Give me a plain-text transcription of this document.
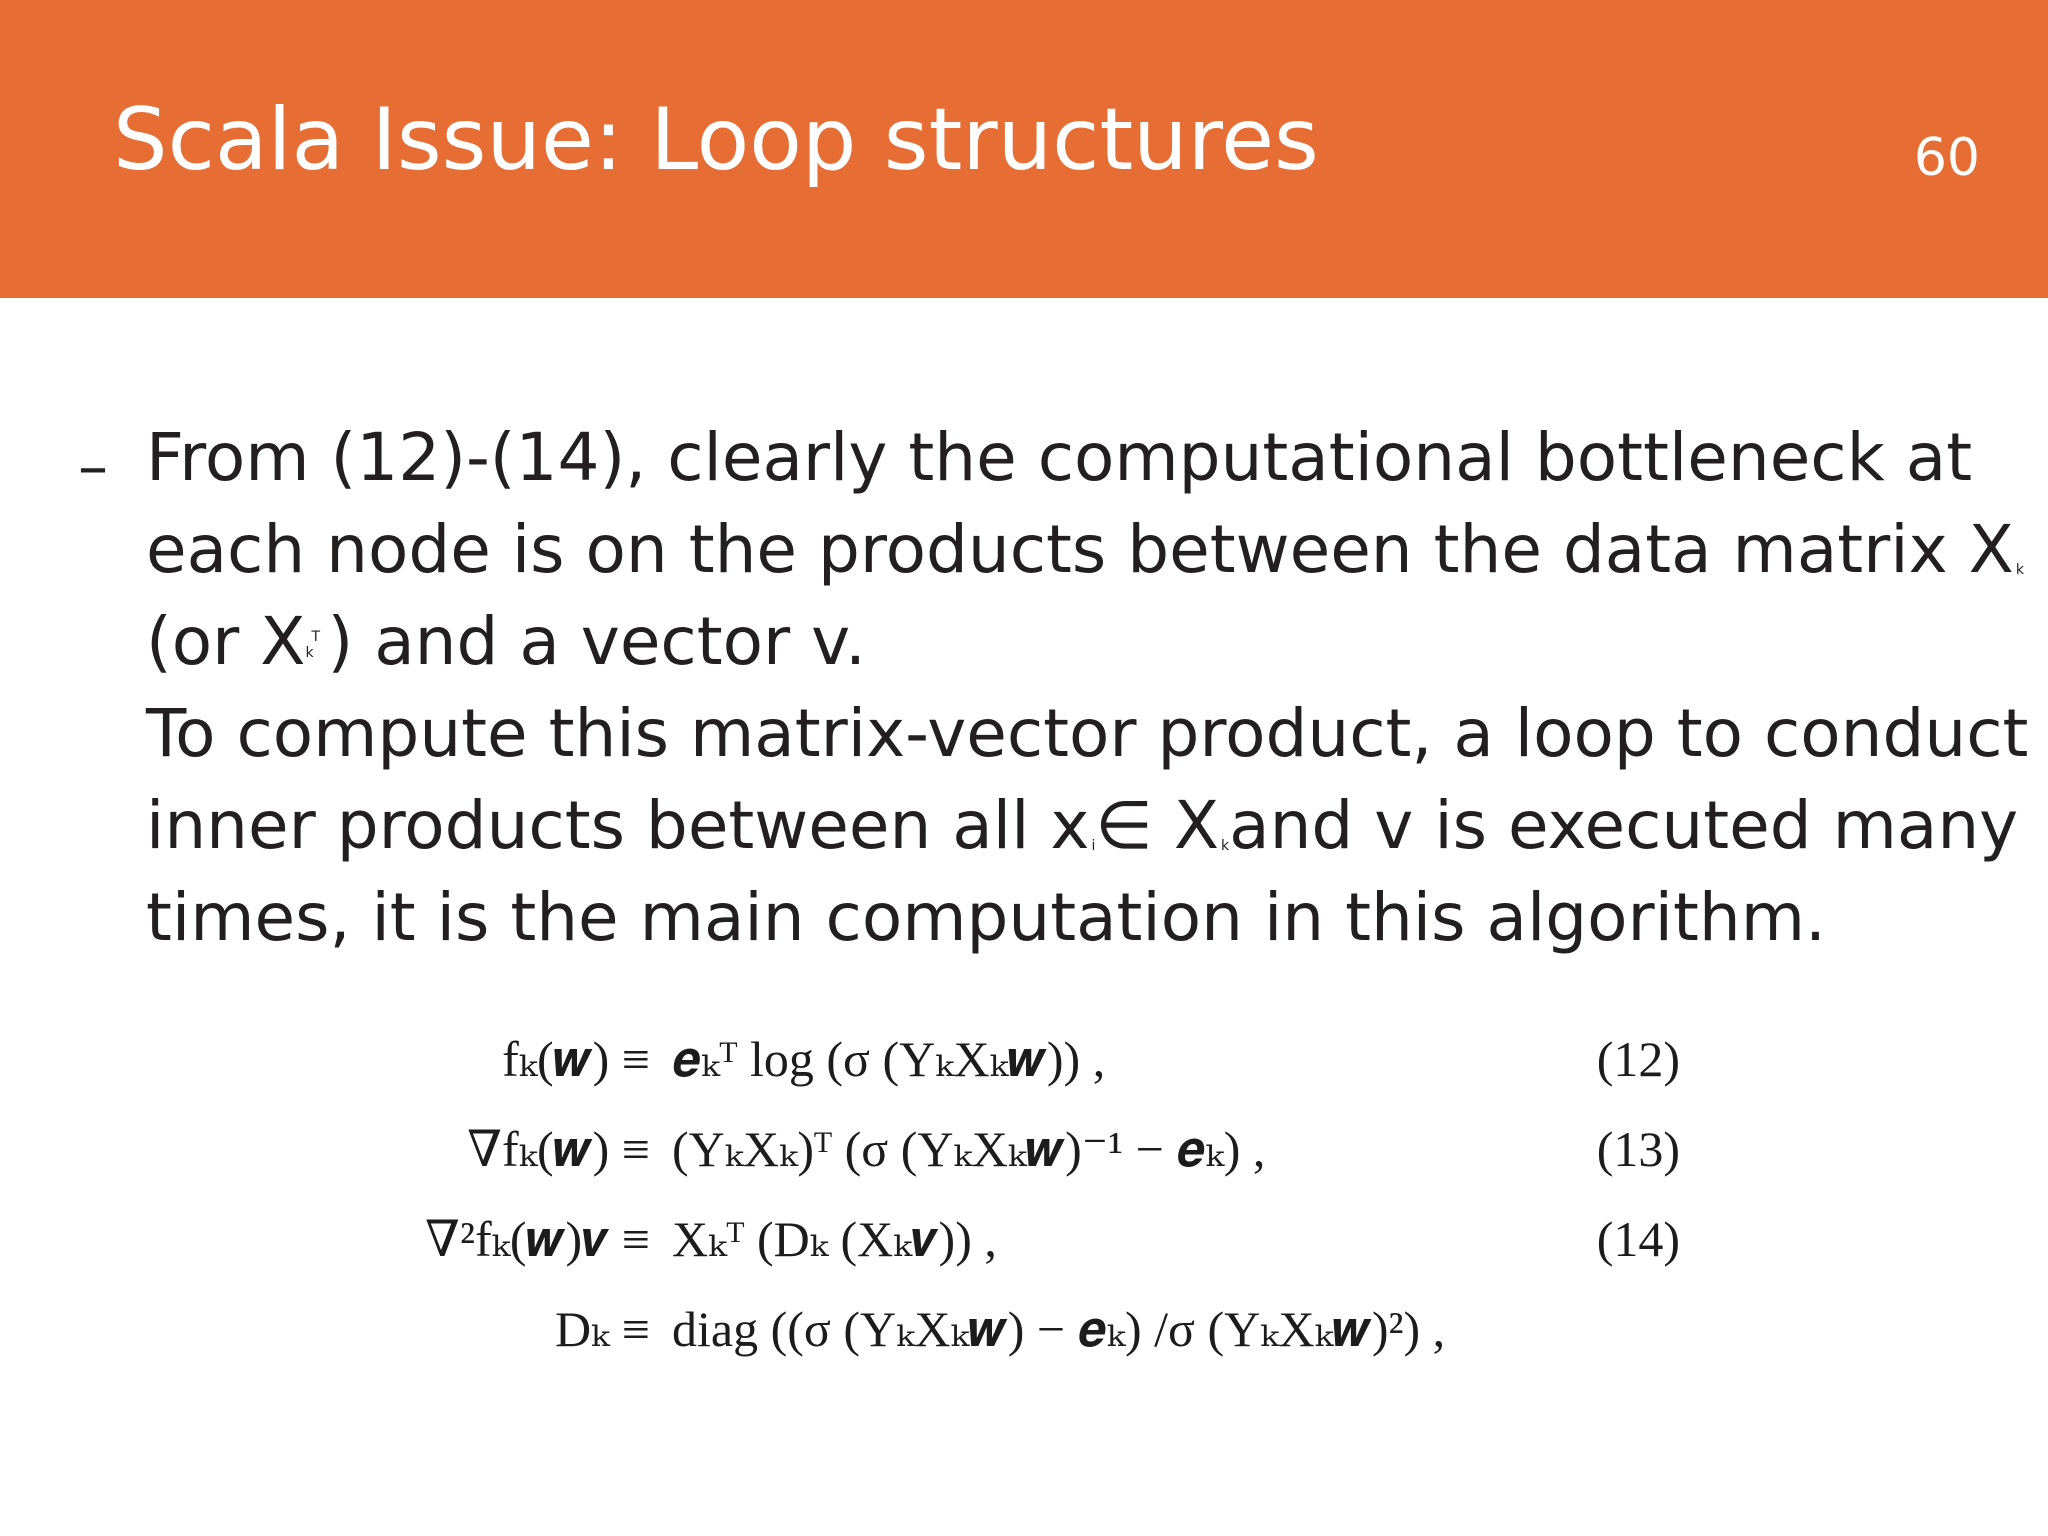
Scala Issue: Loop structures	60
– From (12)-(14), clearly the computational bottleneck at
each node is on the products between the data matrix X k
(or X T
k ) and a vector v.
To compute this matrix-vector product, a loop to conduct
inner products between all x i∈ X kand v is executed many
times, it is the main computation in this algorithm.
fₖ(𝒘) ≡ 𝒆ₖᵀ log (σ (YₖXₖ𝒘)) ,	(12)
∇fₖ(𝒘) ≡ (YₖXₖ)ᵀ (σ (YₖXₖ𝒘)⁻¹ − 𝒆ₖ) ,	(13)
∇²fₖ(𝒘)𝒗 ≡ Xₖᵀ (Dₖ (Xₖ𝒗)) ,	(14)
Dₖ ≡ diag ((σ (YₖXₖ𝒘) − 𝒆ₖ) /σ (YₖXₖ𝒘)²) ,
